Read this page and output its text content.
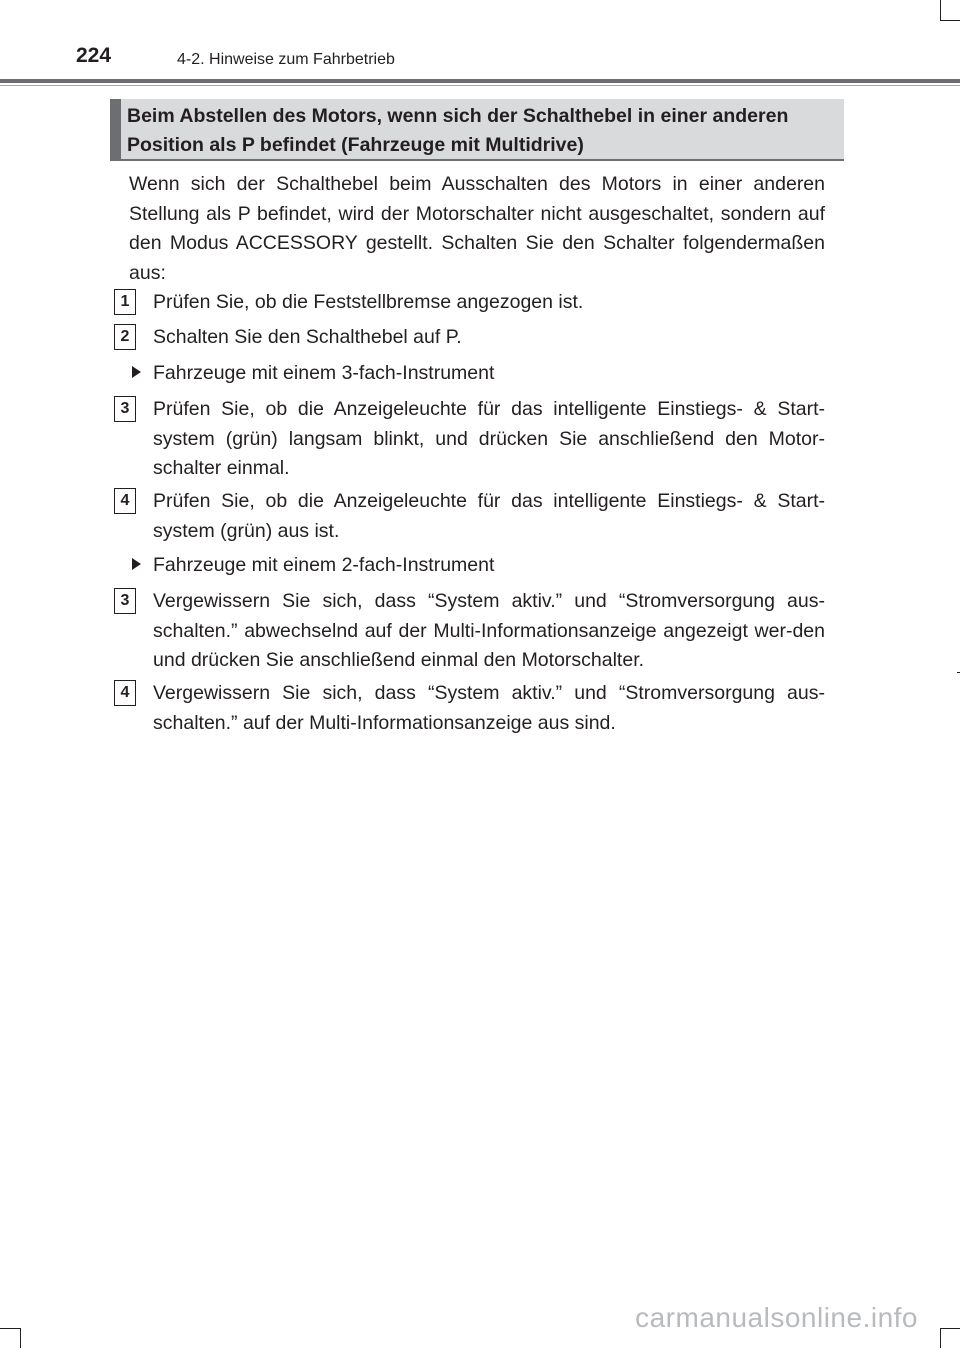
224	4-2. Hinweise zum Fahrbetrieb

Beim Abstellen des Motors, wenn sich der Schalthebel in einer anderen Position als P befindet (Fahrzeuge mit Multidrive)

Wenn sich der Schalthebel beim Ausschalten des Motors in einer anderen Stellung als P befindet, wird der Motorschalter nicht ausgeschaltet, sondern auf den Modus ACCESSORY gestellt. Schalten Sie den Schalter folgendermaßen aus:

1	Prüfen Sie, ob die Feststellbremse angezogen ist.

2	Schalten Sie den Schalthebel auf P.

Fahrzeuge mit einem 3-fach-Instrument
3	Prüfen Sie, ob die Anzeigeleuchte für das intelligente Einstiegs- & Start-system (grün) langsam blinkt, und drücken Sie anschließend den Motor-schalter einmal.

4	Prüfen Sie, ob die Anzeigeleuchte für das intelligente Einstiegs- & Start-system (grün) aus ist.

Fahrzeuge mit einem 2-fach-Instrument
3	Vergewissern Sie sich, dass “System aktiv.” und “Stromversorgung aus-schalten.” abwechselnd auf der Multi-Informationsanzeige angezeigt wer-den und drücken Sie anschließend einmal den Motorschalter.

4	Vergewissern Sie sich, dass “System aktiv.” und “Stromversorgung aus-schalten.” auf der Multi-Informationsanzeige aus sind.

carmanualsonline.info
